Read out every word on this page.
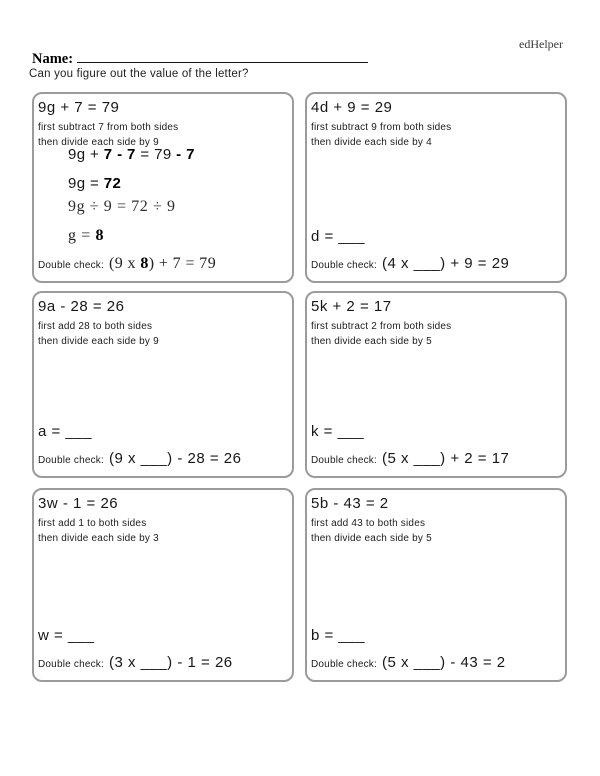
edHelper
Name:
Can you figure out the value of the letter?
9g + 7 = 79
first subtract 7 from both sides
then divide each side by 9
9g + 7 - 7 = 79 - 7
9g = 72
9g ÷ 9 = 72 ÷ 9
g = 8
Double check: (9 x 8) + 7 = 79
4d + 9 = 29
first subtract 9 from both sides
then divide each side by 4
d = ___
Double check: (4 x ___) + 9 = 29
9a - 28 = 26
first add 28 to both sides
then divide each side by 9
a = ___
Double check: (9 x ___) - 28 = 26
5k + 2 = 17
first subtract 2 from both sides
then divide each side by 5
k = ___
Double check: (5 x ___) + 2 = 17
3w - 1 = 26
first add 1 to both sides
then divide each side by 3
w = ___
Double check: (3 x ___) - 1 = 26
5b - 43 = 2
first add 43 to both sides
then divide each side by 5
b = ___
Double check: (5 x ___) - 43 = 2
